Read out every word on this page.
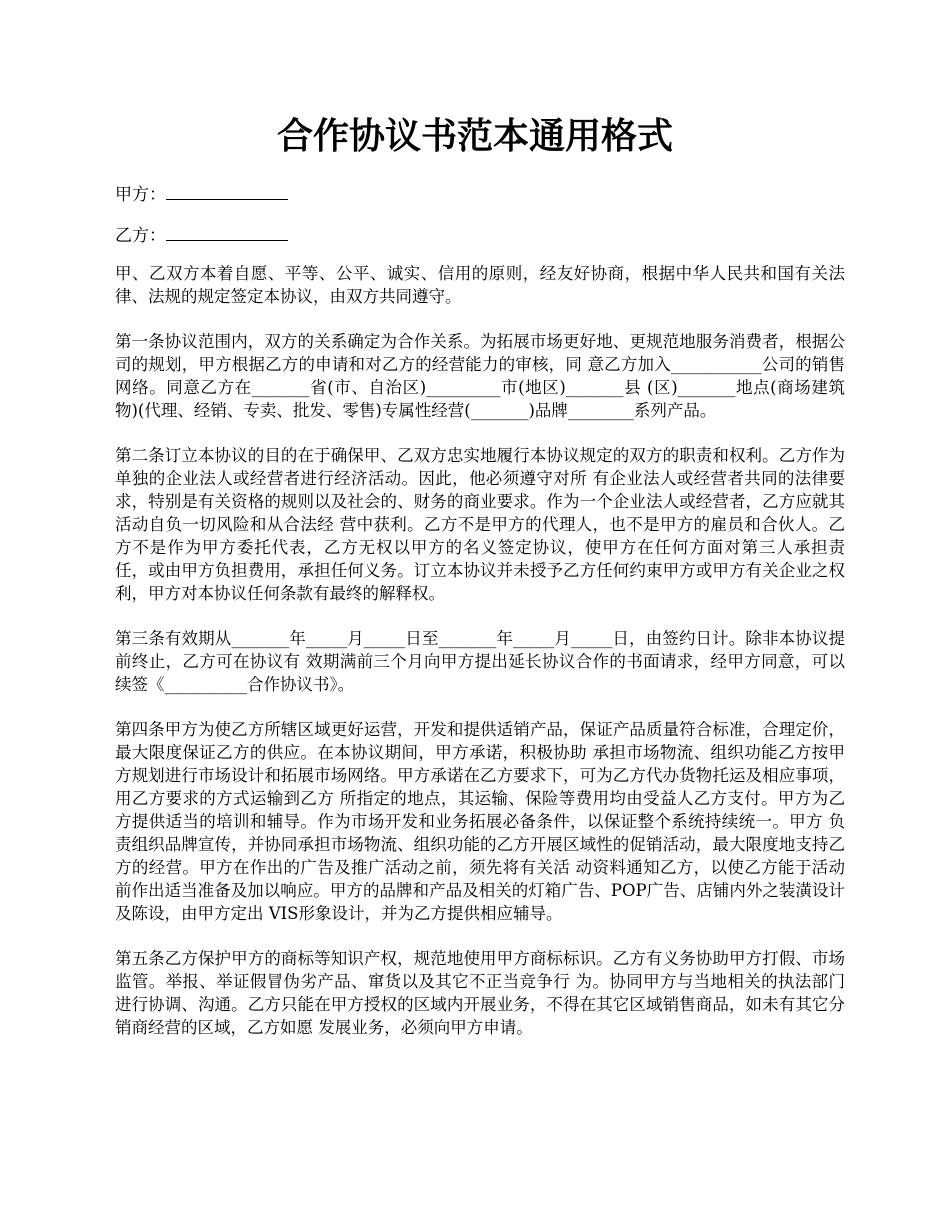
合作协议书范本通用格式

甲方：

乙方：

甲、乙双方本着自愿、平等、公平、诚实、信用的原则，经友好协商，根据中华人民共和国有关法律、法规的规定签定本协议，由双方共同遵守。

第一条协议范围内，双方的关系确定为合作关系。为拓展市场更好地、更规范地服务消费者，根据公司的规划，甲方根据乙方的申请和对乙方的经营能力的审核，同 意乙方加入___________公司的销售网络。同意乙方在_______省(市、自治区)_________市(地区)_______县 (区)_______地点(商场建筑物)(代理、经销、专卖、批发、零售)专属性经营(_______)品牌________系列产品。

第二条订立本协议的目的在于确保甲、乙双方忠实地履行本协议规定的双方的职责和权利。乙方作为单独的企业法人或经营者进行经济活动。因此，他必须遵守对所 有企业法人或经营者共同的法律要求，特别是有关资格的规则以及社会的、财务的商业要求。作为一个企业法人或经营者，乙方应就其活动自负一切风险和从合法经 营中获利。乙方不是甲方的代理人，也不是甲方的雇员和合伙人。乙方不是作为甲方委托代表，乙方无权以甲方的名义签定协议，使甲方在任何方面对第三人承担责 任，或由甲方负担费用，承担任何义务。订立本协议并未授予乙方任何约束甲方或甲方有关企业之权利，甲方对本协议任何条款有最终的解释权。

第三条有效期从_______年_____月_____日至_______年_____月_____日，由签约日计。除非本协议提前终止，乙方可在协议有 效期满前三个月向甲方提出延长协议合作的书面请求，经甲方同意，可以续签《__________合作协议书》。

第四条甲方为使乙方所辖区域更好运营，开发和提供适销产品，保证产品质量符合标准，合理定价，最大限度保证乙方的供应。在本协议期间，甲方承诺，积极协助 承担市场物流、组织功能乙方按甲方规划进行市场设计和拓展市场网络。甲方承诺在乙方要求下，可为乙方代办货物托运及相应事项，用乙方要求的方式运输到乙方 所指定的地点，其运输、保险等费用均由受益人乙方支付。甲方为乙方提供适当的培训和辅导。作为市场开发和业务拓展必备条件，以保证整个系统持续统一。甲方 负责组织品牌宣传，并协同承担市场物流、组织功能的乙方开展区域性的促销活动，最大限度地支持乙方的经营。甲方在作出的广告及推广活动之前，须先将有关活 动资料通知乙方，以使乙方能于活动前作出适当准备及加以响应。甲方的品牌和产品及相关的灯箱广告、POP广告、店铺内外之装潢设计及陈设，由甲方定出 VIS形象设计，并为乙方提供相应辅导。

第五条乙方保护甲方的商标等知识产权，规范地使用甲方商标标识。乙方有义务协助甲方打假、市场监管。举报、举证假冒伪劣产品、窜货以及其它不正当竞争行 为。协同甲方与当地相关的执法部门进行协调、沟通。乙方只能在甲方授权的区域内开展业务，不得在其它区域销售商品，如未有其它分销商经营的区域，乙方如愿 发展业务，必须向甲方申请。
